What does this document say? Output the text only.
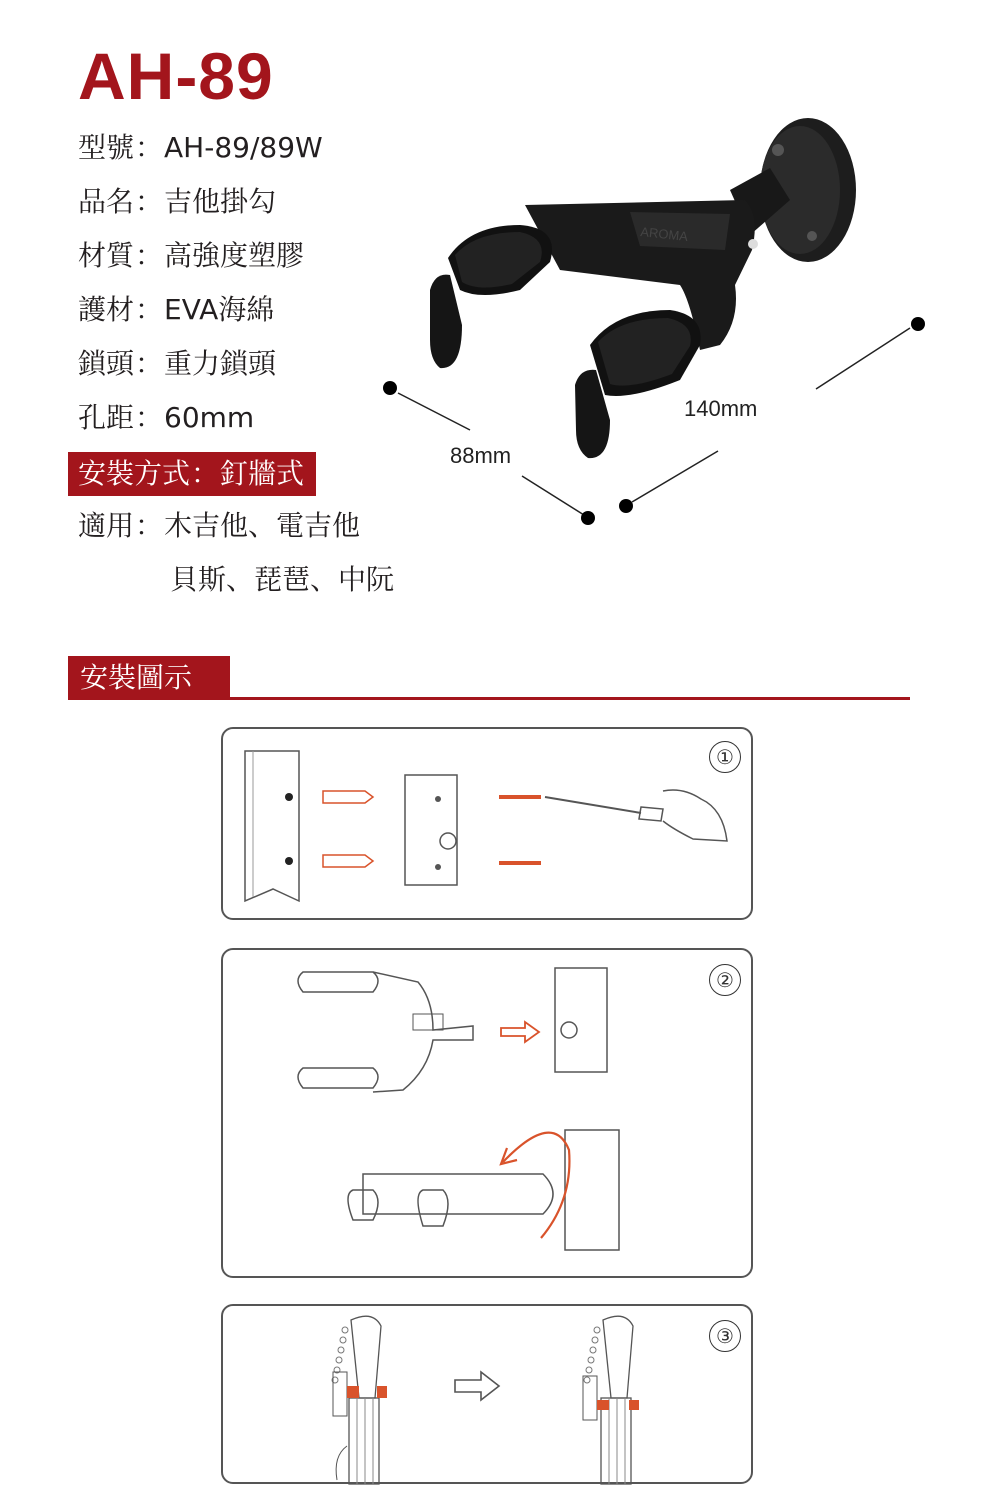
AH-89
型號：AH-89/89W
品名：吉他掛勾
材質：高強度塑膠
護材：EVA海綿
鎖頭：重力鎖頭
孔距：60mm
安裝方式：釘牆式
適用：木吉他、電吉他
貝斯、琵琶、中阮
AROMA
88mm
140mm
安裝圖示
①
②
③
